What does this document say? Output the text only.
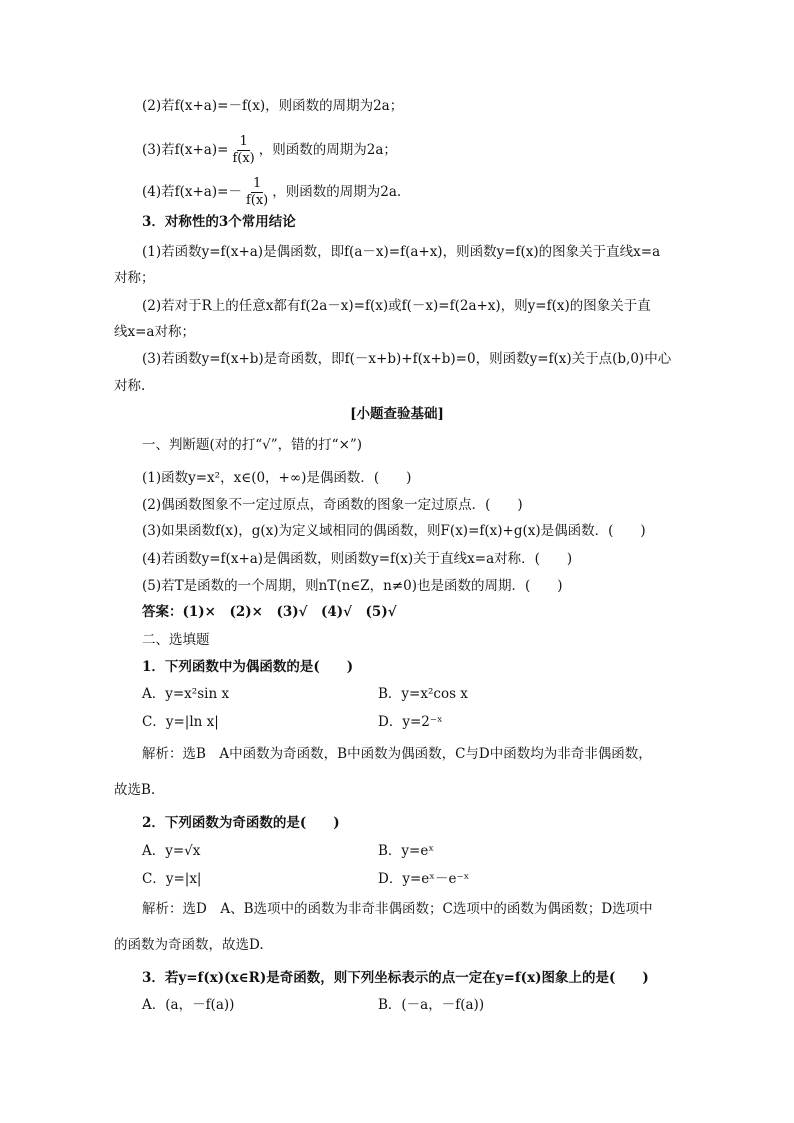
(2)若f(x+a)=－f(x)，则函数的周期为2a；
(3)若$f(x+a)= \frac{1}{f(x)}$ ，则函数的周期为2a；
(4)若$f(x+a)=- \frac{1}{f(x)}$ ，则函数的周期为2a.
3．对称性的3个常用结论
(1)若函数y=f(x+a)是偶函数，即f(a－x)=f(a+x)，则函数y=f(x)的图象关于直线x=a
对称；
(2)若对于R上的任意x都有f(2a－x)=f(x)或f(－x)=f(2a+x)，则y=f(x)的图象关于直
线x=a对称；
(3)若函数y=f(x+b)是奇函数，即f(－x+b)+f(x+b)=0，则函数y=f(x)关于点(b,0)中心
对称.
[小题查验基础]
一、判断题(对的打“√”，错的打“×”)
(1)函数y=x²，x∈(0，+∞)是偶函数．(　　)
(2)偶函数图象不一定过原点，奇函数的图象一定过原点．(　　)
(3)如果函数f(x)，g(x)为定义域相同的偶函数，则F(x)=f(x)+g(x)是偶函数．(　　)
(4)若函数y=f(x+a)是偶函数，则函数y=f(x)关于直线x=a对称．(　　)
(5)若T是函数的一个周期，则nT(n∈Z，n≠0)也是函数的周期．(　　)
答案：(1)×　(2)×　(3)√　(4)√　(5)√
二、选填题
1．下列函数中为偶函数的是(　　)
A．y=x²sin x	B．y=x²cos x
C．y=|ln x|	D．y=2⁻ˣ
解析：选B　A中函数为奇函数，B中函数为偶函数，C与D中函数均为非奇非偶函数，
故选B.
2．下列函数为奇函数的是(　　)
A．y=√x	B．y=eˣ
C．y=|x|	D．y=eˣ－e⁻ˣ
解析：选D　A、B选项中的函数为非奇非偶函数；C选项中的函数为偶函数；D选项中
的函数为奇函数，故选D.
3．若y=f(x)(x∈R)是奇函数，则下列坐标表示的点一定在y=f(x)图象上的是(　　)
A．(a，－f(a))	B．(－a，－f(a))
